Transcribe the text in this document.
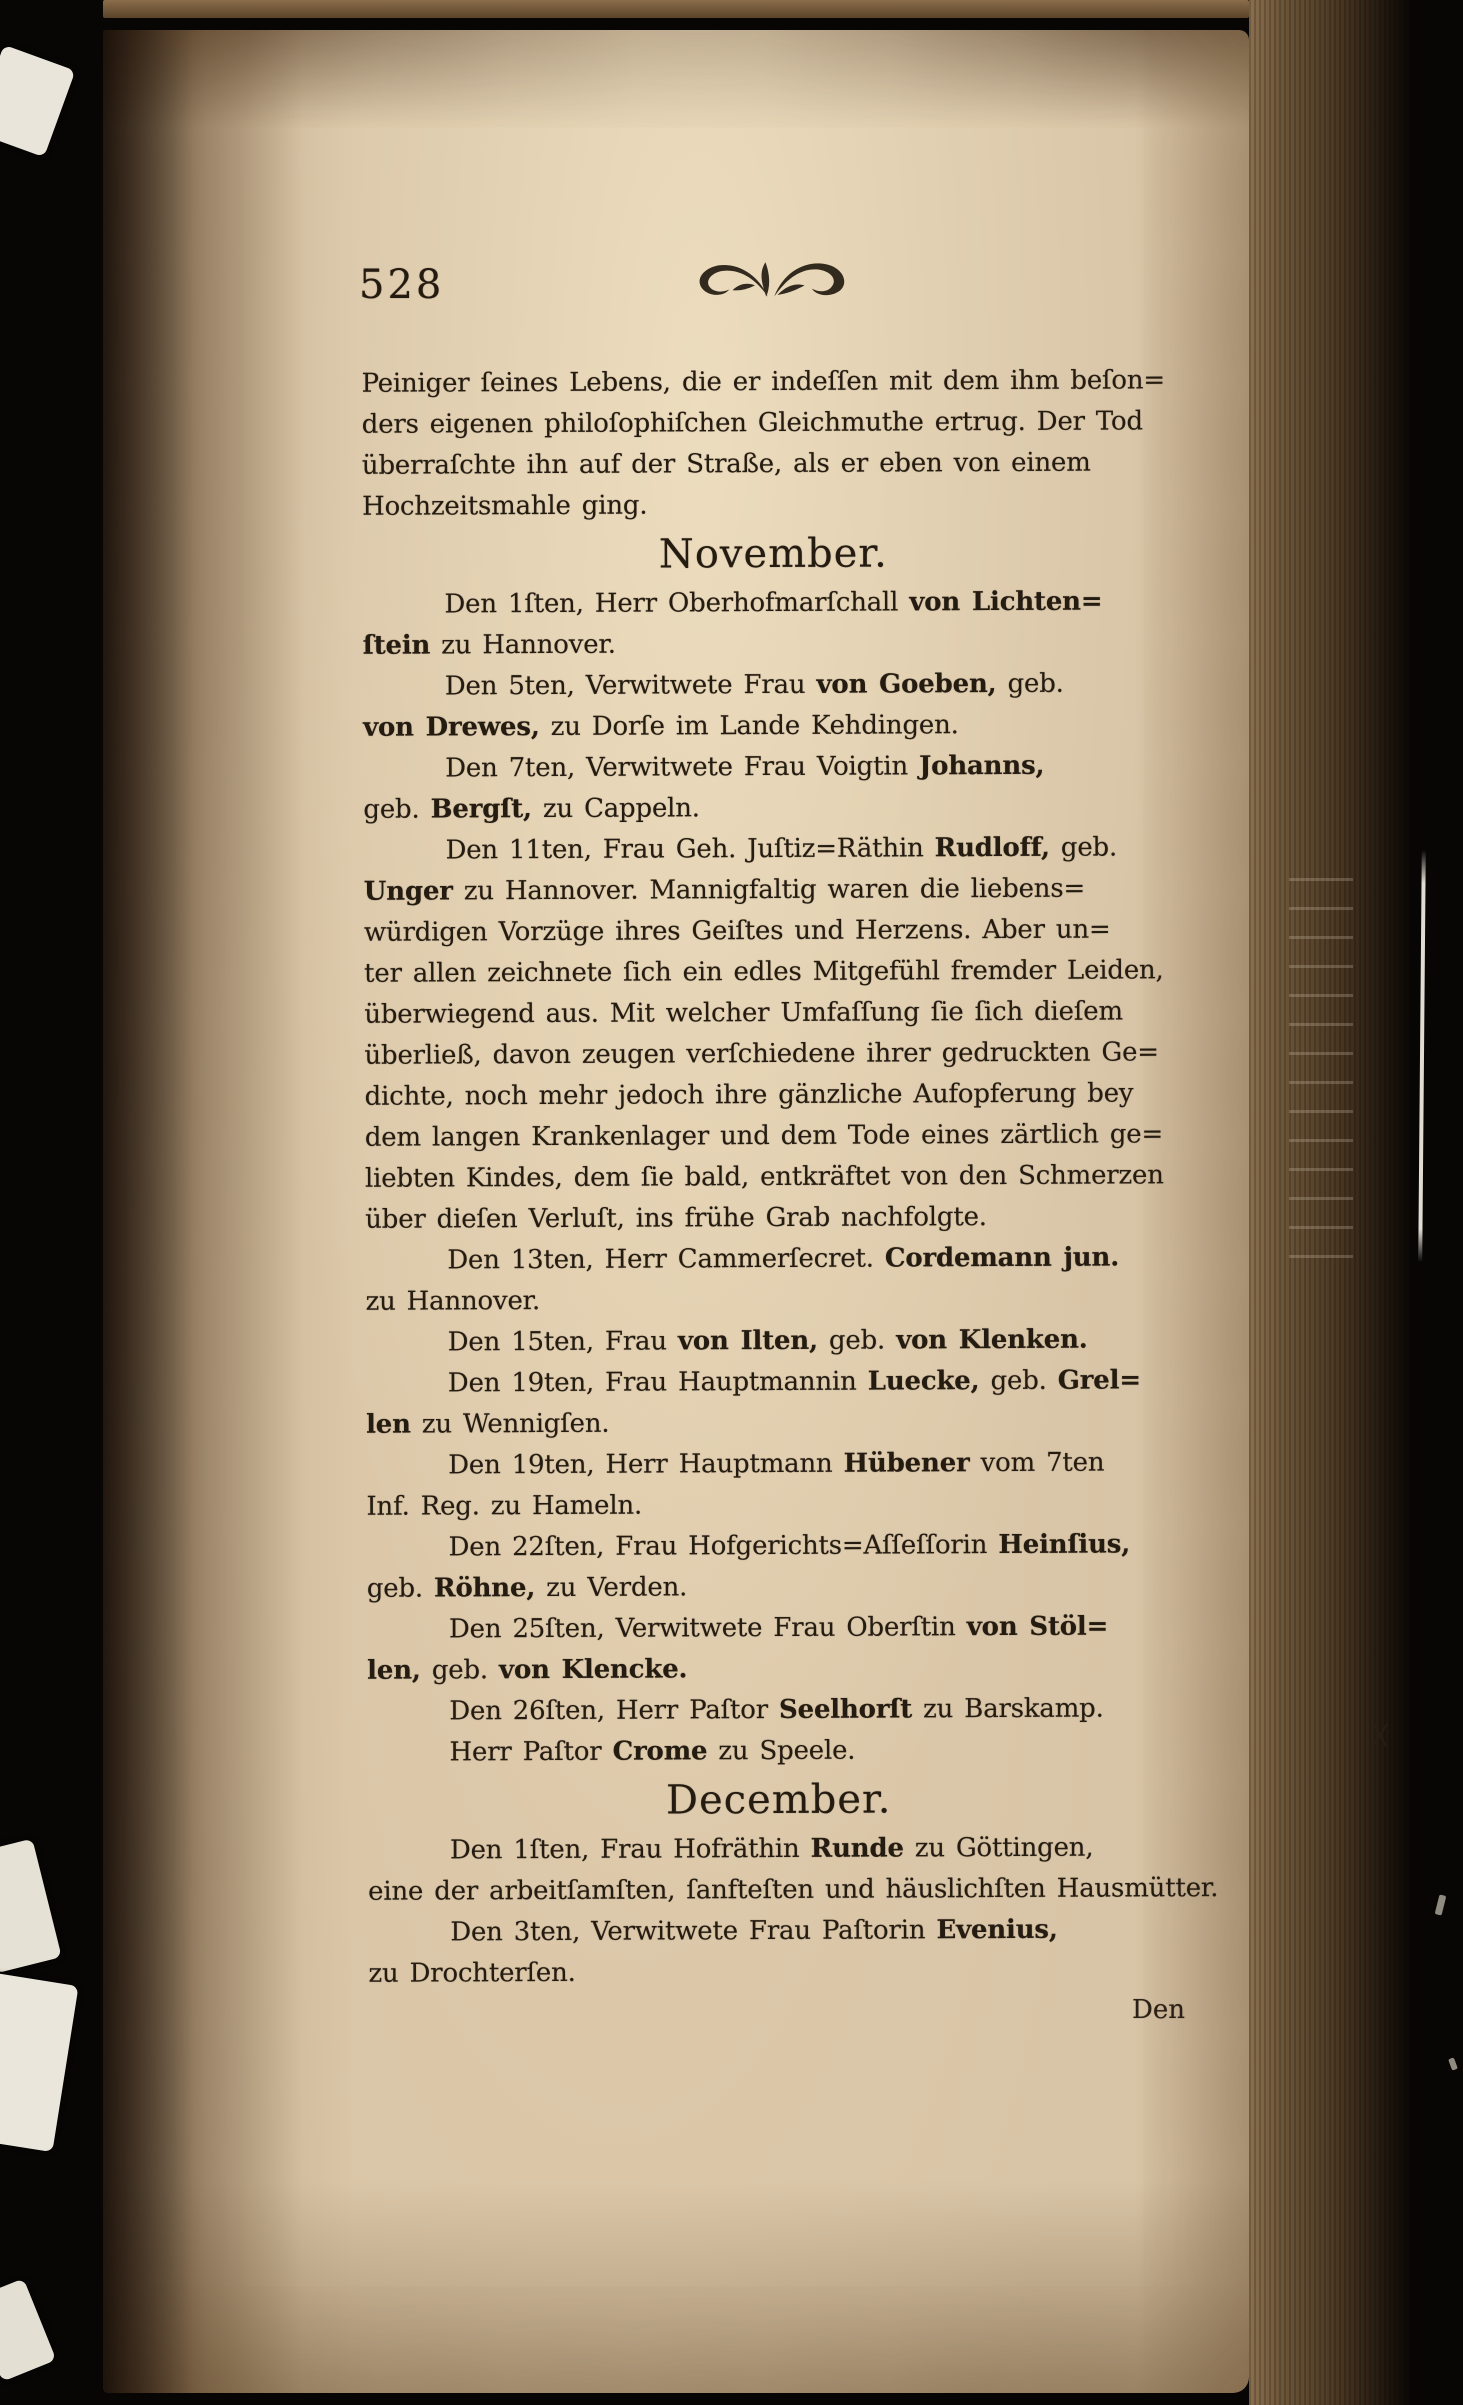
528
Peiniger ſeines Lebens, die er indeſſen mit dem ihm beſon=
ders eigenen philoſophiſchen Gleichmuthe ertrug. Der Tod
überraſchte ihn auf der Straße, als er eben von einem
Hochzeitsmahle ging.
November.
Den 1ſten, Herr Oberhofmarſchall von Lichten=
ſtein zu Hannover.
Den 5ten, Verwitwete Frau von Goeben, geb.
von Drewes, zu Dorſe im Lande Kehdingen.
Den 7ten, Verwitwete Frau Voigtin Johanns,
geb. Bergſt, zu Cappeln.
Den 11ten, Frau Geh. Juſtiz=Räthin Rudloff, geb.
Unger zu Hannover. Mannigfaltig waren die liebens=
würdigen Vorzüge ihres Geiſtes und Herzens. Aber un=
ter allen zeichnete ſich ein edles Mitgefühl fremder Leiden,
überwiegend aus. Mit welcher Umfaſſung ſie ſich dieſem
überließ, davon zeugen verſchiedene ihrer gedruckten Ge=
dichte, noch mehr jedoch ihre gänzliche Aufopferung bey
dem langen Krankenlager und dem Tode eines zärtlich ge=
liebten Kindes, dem ſie bald, entkräftet von den Schmerzen
über dieſen Verluſt, ins frühe Grab nachfolgte.
Den 13ten, Herr Cammerſecret. Cordemann jun.
zu Hannover.
Den 15ten, Frau von Ilten, geb. von Klenken.
Den 19ten, Frau Hauptmannin Luecke, geb. Grel=
len zu Wennigſen.
Den 19ten, Herr Hauptmann Hübener vom 7ten
Inf. Reg. zu Hameln.
Den 22ſten, Frau Hofgerichts=Aſſeſſorin Heinſius,
geb. Röhne, zu Verden.
Den 25ſten, Verwitwete Frau Oberſtin von Stöl=
len, geb. von Klencke.
Den 26ſten, Herr Paſtor Seelhorſt zu Barskamp.
Herr Paſtor Crome zu Speele.
December.
Den 1ſten, Frau Hofräthin Runde zu Göttingen,
eine der arbeitſamſten, ſanfteſten und häuslichſten Hausmütter.
Den 3ten, Verwitwete Frau Paſtorin Evenius,
zu Drochterſen.
Den
